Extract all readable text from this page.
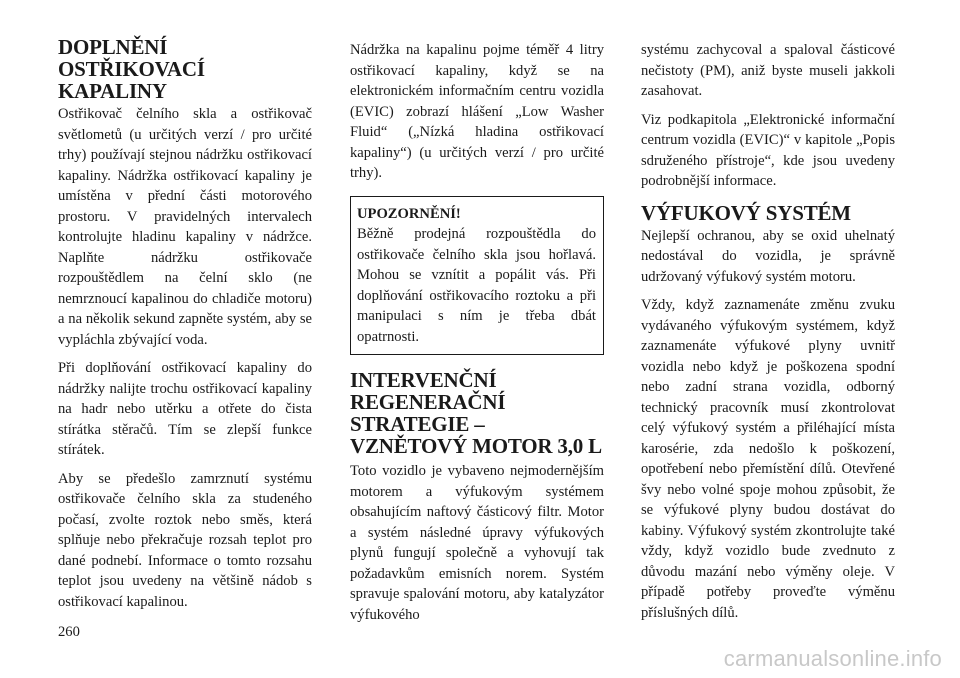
DOPLNĚNÍ OSTŘIKOVACÍ KAPALINY

Ostřikovač čelního skla a ostřikovač světlometů (u určitých verzí / pro určité trhy) používají stejnou nádržku ostřikovací kapaliny. Nádržka ostřikovací kapaliny je umístěna v přední části motorového prostoru. V pravidelných intervalech kontrolujte hladinu kapaliny v nádržce. Naplňte nádržku ostřikovače rozpouštědlem na čelní sklo (ne nemrznoucí kapalinou do chladiče motoru) a na několik sekund zapněte systém, aby se vypláchla zbývající voda.

Při doplňování ostřikovací kapaliny do nádržky nalijte trochu ostřikovací kapaliny na hadr nebo utěrku a otřete do čista stírátka stěračů. Tím se zlepší funkce stírátek.

Aby se předešlo zamrznutí systému ostřikovače čelního skla za studeného počasí, zvolte roztok nebo směs, která splňuje nebo překračuje rozsah teplot pro dané podnebí. Informace o tomto rozsahu teplot jsou uvedeny na většině nádob s ostřikovací kapalinou.

Nádržka na kapalinu pojme téměř 4 litry ostřikovací kapaliny, když se na elektronickém informačním centru vozidla (EVIC) zobrazí hlášení „Low Washer Fluid“ („Nízká hladina ostřikovací kapaliny“) (u určitých verzí / pro určité trhy).

UPOZORNĚNÍ!

Běžně prodejná rozpouštědla do ostřikovače čelního skla jsou hořlavá. Mohou se vznítit a popálit vás. Při doplňování ostřikovacího roztoku a při manipulaci s ním je třeba dbát opatrnosti.

INTERVENČNÍ REGENERAČNÍ STRATEGIE – VZNĚTOVÝ MOTOR 3,0 L

Toto vozidlo je vybaveno nejmodernějším motorem a výfukovým systémem obsahujícím naftový částicový filtr. Motor a systém následné úpravy výfukových plynů fungují společně a vyhovují tak požadavkům emisních norem. Systém spravuje spalování motoru, aby katalyzátor výfukového

systému zachycoval a spaloval částicové nečistoty (PM), aniž byste museli jakkoli zasahovat.

Viz podkapitola „Elektronické informační centrum vozidla (EVIC)“ v kapitole „Popis sdruženého přístroje“, kde jsou uvedeny podrobnější informace.

VÝFUKOVÝ SYSTÉM

Nejlepší ochranou, aby se oxid uhelnatý nedostával do vozidla, je správně udržovaný výfukový systém motoru.

Vždy, když zaznamenáte změnu zvuku vydávaného výfukovým systémem, když zaznamenáte výfukové plyny uvnitř vozidla nebo když je poškozena spodní nebo zadní strana vozidla, odborný technický pracovník musí zkontrolovat celý výfukový systém a přiléhající místa karosérie, zda nedošlo k poškození, opotřebení nebo přemístění dílů. Otevřené švy nebo volné spoje mohou způsobit, že se výfukové plyny budou dostávat do kabiny. Výfukový systém zkontrolujte také vždy, když vozidlo bude zvednuto z důvodu mazání nebo výměny oleje. V případě potřeby proveďte výměnu příslušných dílů.

260
carmanualsonline.info
